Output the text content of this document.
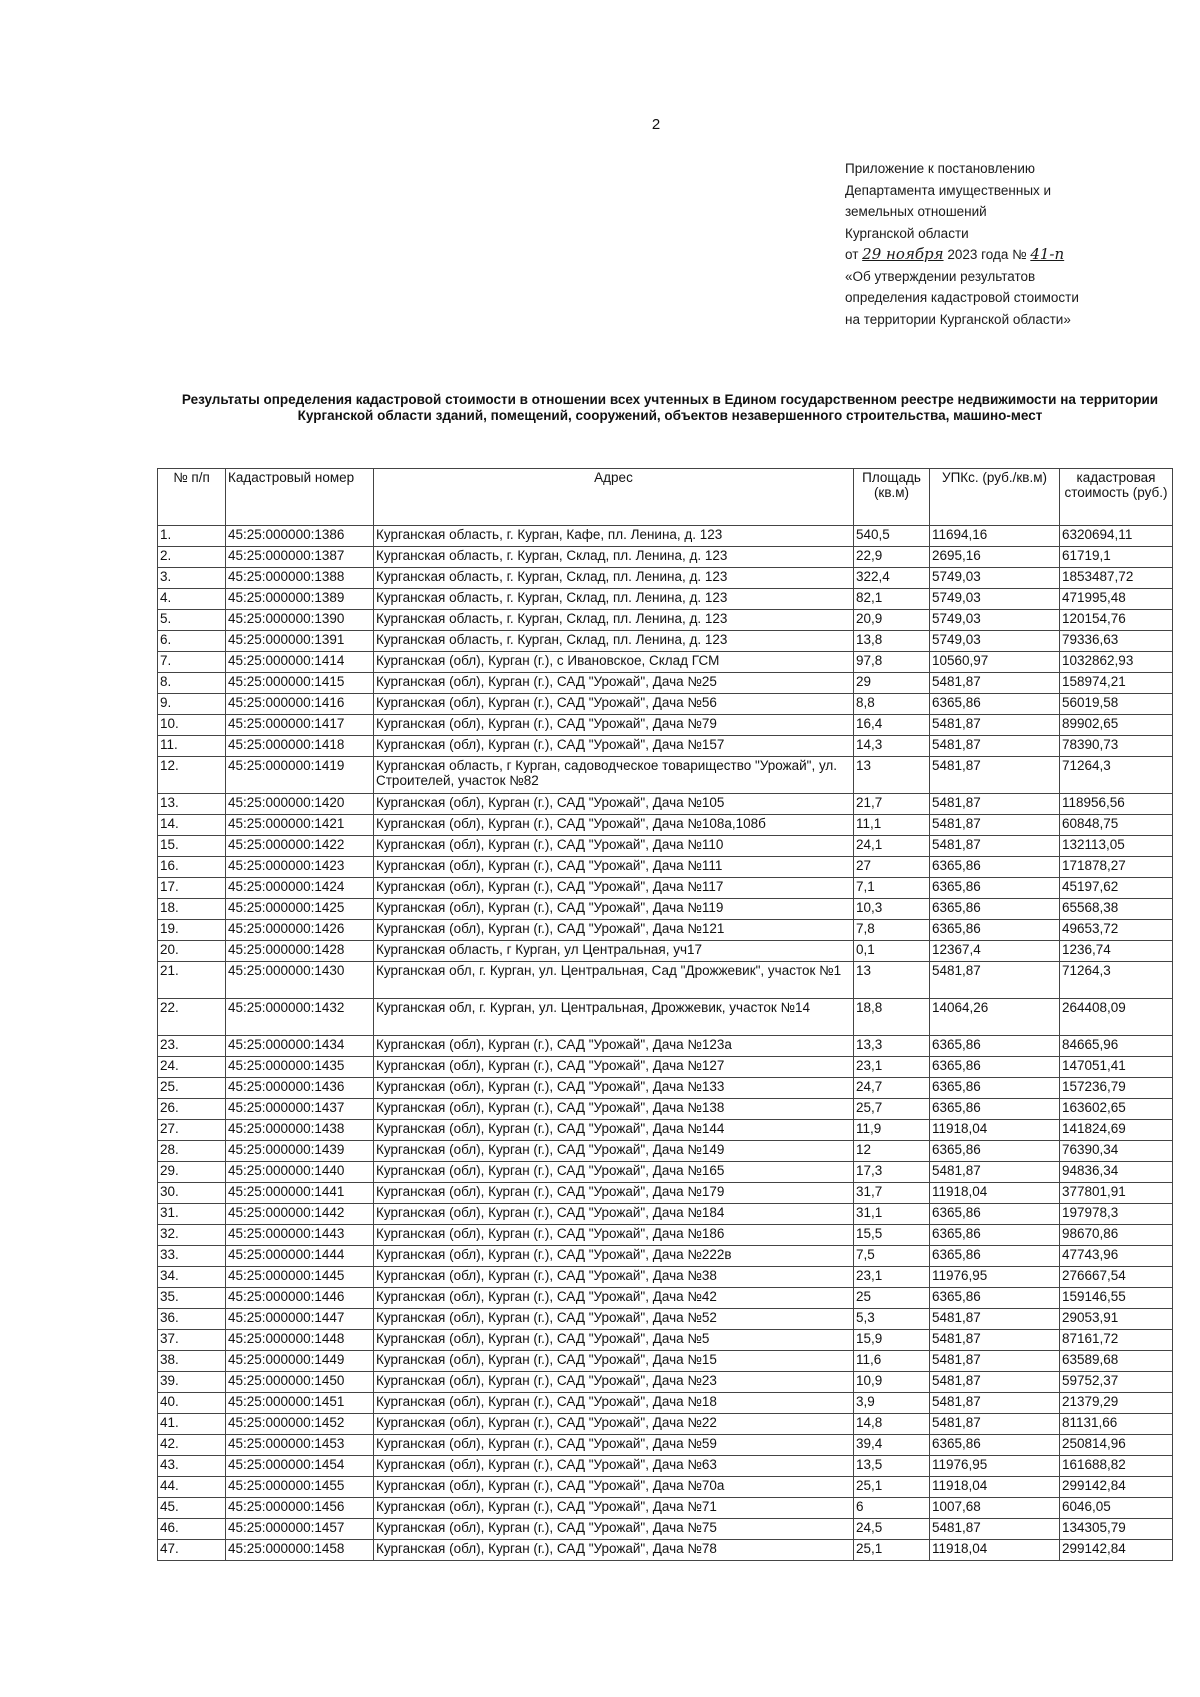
2
Приложение к постановлению
Департамента имущественных и
земельных отношений
Курганской области
от 29 ноября 2023 года № 41-п
«Об утверждении результатов
определения кадастровой стоимости
на территории Курганской области»
Результаты определения кадастровой стоимости в отношении всех учтенных в Едином государственном реестре недвижимости на территории Курганской области зданий, помещений, сооружений, объектов незавершенного строительства, машино-мест
№ п/п	Кадастровый номер	Адрес	Площадь (кв.м)	УПКс. (руб./кв.м)	кадастровая стоимость (руб.)
1.	45:25:000000:1386	Курганская область, г. Курган, Кафе, пл. Ленина, д. 123	540,5	11694,16	6320694,11
2.	45:25:000000:1387	Курганская область, г. Курган, Склад, пл. Ленина, д. 123	22,9	2695,16	61719,1
3.	45:25:000000:1388	Курганская область, г. Курган, Склад, пл. Ленина, д. 123	322,4	5749,03	1853487,72
4.	45:25:000000:1389	Курганская область, г. Курган, Склад, пл. Ленина, д. 123	82,1	5749,03	471995,48
5.	45:25:000000:1390	Курганская область, г. Курган, Склад, пл. Ленина, д. 123	20,9	5749,03	120154,76
6.	45:25:000000:1391	Курганская область, г. Курган, Склад, пл. Ленина, д. 123	13,8	5749,03	79336,63
7.	45:25:000000:1414	Курганская (обл), Курган (г.), с Ивановское, Склад ГСМ	97,8	10560,97	1032862,93
8.	45:25:000000:1415	Курганская (обл), Курган (г.), САД "Урожай", Дача №25	29	5481,87	158974,21
9.	45:25:000000:1416	Курганская (обл), Курган (г.), САД "Урожай", Дача №56	8,8	6365,86	56019,58
10.	45:25:000000:1417	Курганская (обл), Курган (г.), САД "Урожай", Дача №79	16,4	5481,87	89902,65
11.	45:25:000000:1418	Курганская (обл), Курган (г.), САД "Урожай", Дача №157	14,3	5481,87	78390,73
12.	45:25:000000:1419	Курганская область, г Курган, садоводческое товарищество "Урожай", ул. Строителей, участок №82	13	5481,87	71264,3
13.	45:25:000000:1420	Курганская (обл), Курган (г.), САД "Урожай", Дача №105	21,7	5481,87	118956,56
14.	45:25:000000:1421	Курганская (обл), Курган (г.), САД "Урожай", Дача №108а,108б	11,1	5481,87	60848,75
15.	45:25:000000:1422	Курганская (обл), Курган (г.), САД "Урожай", Дача №110	24,1	5481,87	132113,05
16.	45:25:000000:1423	Курганская (обл), Курган (г.), САД "Урожай", Дача №111	27	6365,86	171878,27
17.	45:25:000000:1424	Курганская (обл), Курган (г.), САД "Урожай", Дача №117	7,1	6365,86	45197,62
18.	45:25:000000:1425	Курганская (обл), Курган (г.), САД "Урожай", Дача №119	10,3	6365,86	65568,38
19.	45:25:000000:1426	Курганская (обл), Курган (г.), САД "Урожай", Дача №121	7,8	6365,86	49653,72
20.	45:25:000000:1428	Курганская область, г Курган, ул Центральная, уч17	0,1	12367,4	1236,74
21.	45:25:000000:1430	Курганская обл, г. Курган, ул. Центральная, Сад "Дрожжевик", участок №1	13	5481,87	71264,3
22.	45:25:000000:1432	Курганская обл, г. Курган, ул. Центральная, Дрожжевик, участок №14	18,8	14064,26	264408,09
23.	45:25:000000:1434	Курганская (обл), Курган (г.), САД "Урожай", Дача №123а	13,3	6365,86	84665,96
24.	45:25:000000:1435	Курганская (обл), Курган (г.), САД "Урожай", Дача №127	23,1	6365,86	147051,41
25.	45:25:000000:1436	Курганская (обл), Курган (г.), САД "Урожай", Дача №133	24,7	6365,86	157236,79
26.	45:25:000000:1437	Курганская (обл), Курган (г.), САД "Урожай", Дача №138	25,7	6365,86	163602,65
27.	45:25:000000:1438	Курганская (обл), Курган (г.), САД "Урожай", Дача №144	11,9	11918,04	141824,69
28.	45:25:000000:1439	Курганская (обл), Курган (г.), САД "Урожай", Дача №149	12	6365,86	76390,34
29.	45:25:000000:1440	Курганская (обл), Курган (г.), САД "Урожай", Дача №165	17,3	5481,87	94836,34
30.	45:25:000000:1441	Курганская (обл), Курган (г.), САД "Урожай", Дача №179	31,7	11918,04	377801,91
31.	45:25:000000:1442	Курганская (обл), Курган (г.), САД "Урожай", Дача №184	31,1	6365,86	197978,3
32.	45:25:000000:1443	Курганская (обл), Курган (г.), САД "Урожай", Дача №186	15,5	6365,86	98670,86
33.	45:25:000000:1444	Курганская (обл), Курган (г.), САД "Урожай", Дача №222в	7,5	6365,86	47743,96
34.	45:25:000000:1445	Курганская (обл), Курган (г.), САД "Урожай", Дача №38	23,1	11976,95	276667,54
35.	45:25:000000:1446	Курганская (обл), Курган (г.), САД "Урожай", Дача №42	25	6365,86	159146,55
36.	45:25:000000:1447	Курганская (обл), Курган (г.), САД "Урожай", Дача №52	5,3	5481,87	29053,91
37.	45:25:000000:1448	Курганская (обл), Курган (г.), САД "Урожай", Дача №5	15,9	5481,87	87161,72
38.	45:25:000000:1449	Курганская (обл), Курган (г.), САД "Урожай", Дача №15	11,6	5481,87	63589,68
39.	45:25:000000:1450	Курганская (обл), Курган (г.), САД "Урожай", Дача №23	10,9	5481,87	59752,37
40.	45:25:000000:1451	Курганская (обл), Курган (г.), САД "Урожай", Дача №18	3,9	5481,87	21379,29
41.	45:25:000000:1452	Курганская (обл), Курган (г.), САД "Урожай", Дача №22	14,8	5481,87	81131,66
42.	45:25:000000:1453	Курганская (обл), Курган (г.), САД "Урожай", Дача №59	39,4	6365,86	250814,96
43.	45:25:000000:1454	Курганская (обл), Курган (г.), САД "Урожай", Дача №63	13,5	11976,95	161688,82
44.	45:25:000000:1455	Курганская (обл), Курган (г.), САД "Урожай", Дача №70а	25,1	11918,04	299142,84
45.	45:25:000000:1456	Курганская (обл), Курган (г.), САД "Урожай", Дача №71	6	1007,68	6046,05
46.	45:25:000000:1457	Курганская (обл), Курган (г.), САД "Урожай", Дача №75	24,5	5481,87	134305,79
47.	45:25:000000:1458	Курганская (обл), Курган (г.), САД "Урожай", Дача №78	25,1	11918,04	299142,84
